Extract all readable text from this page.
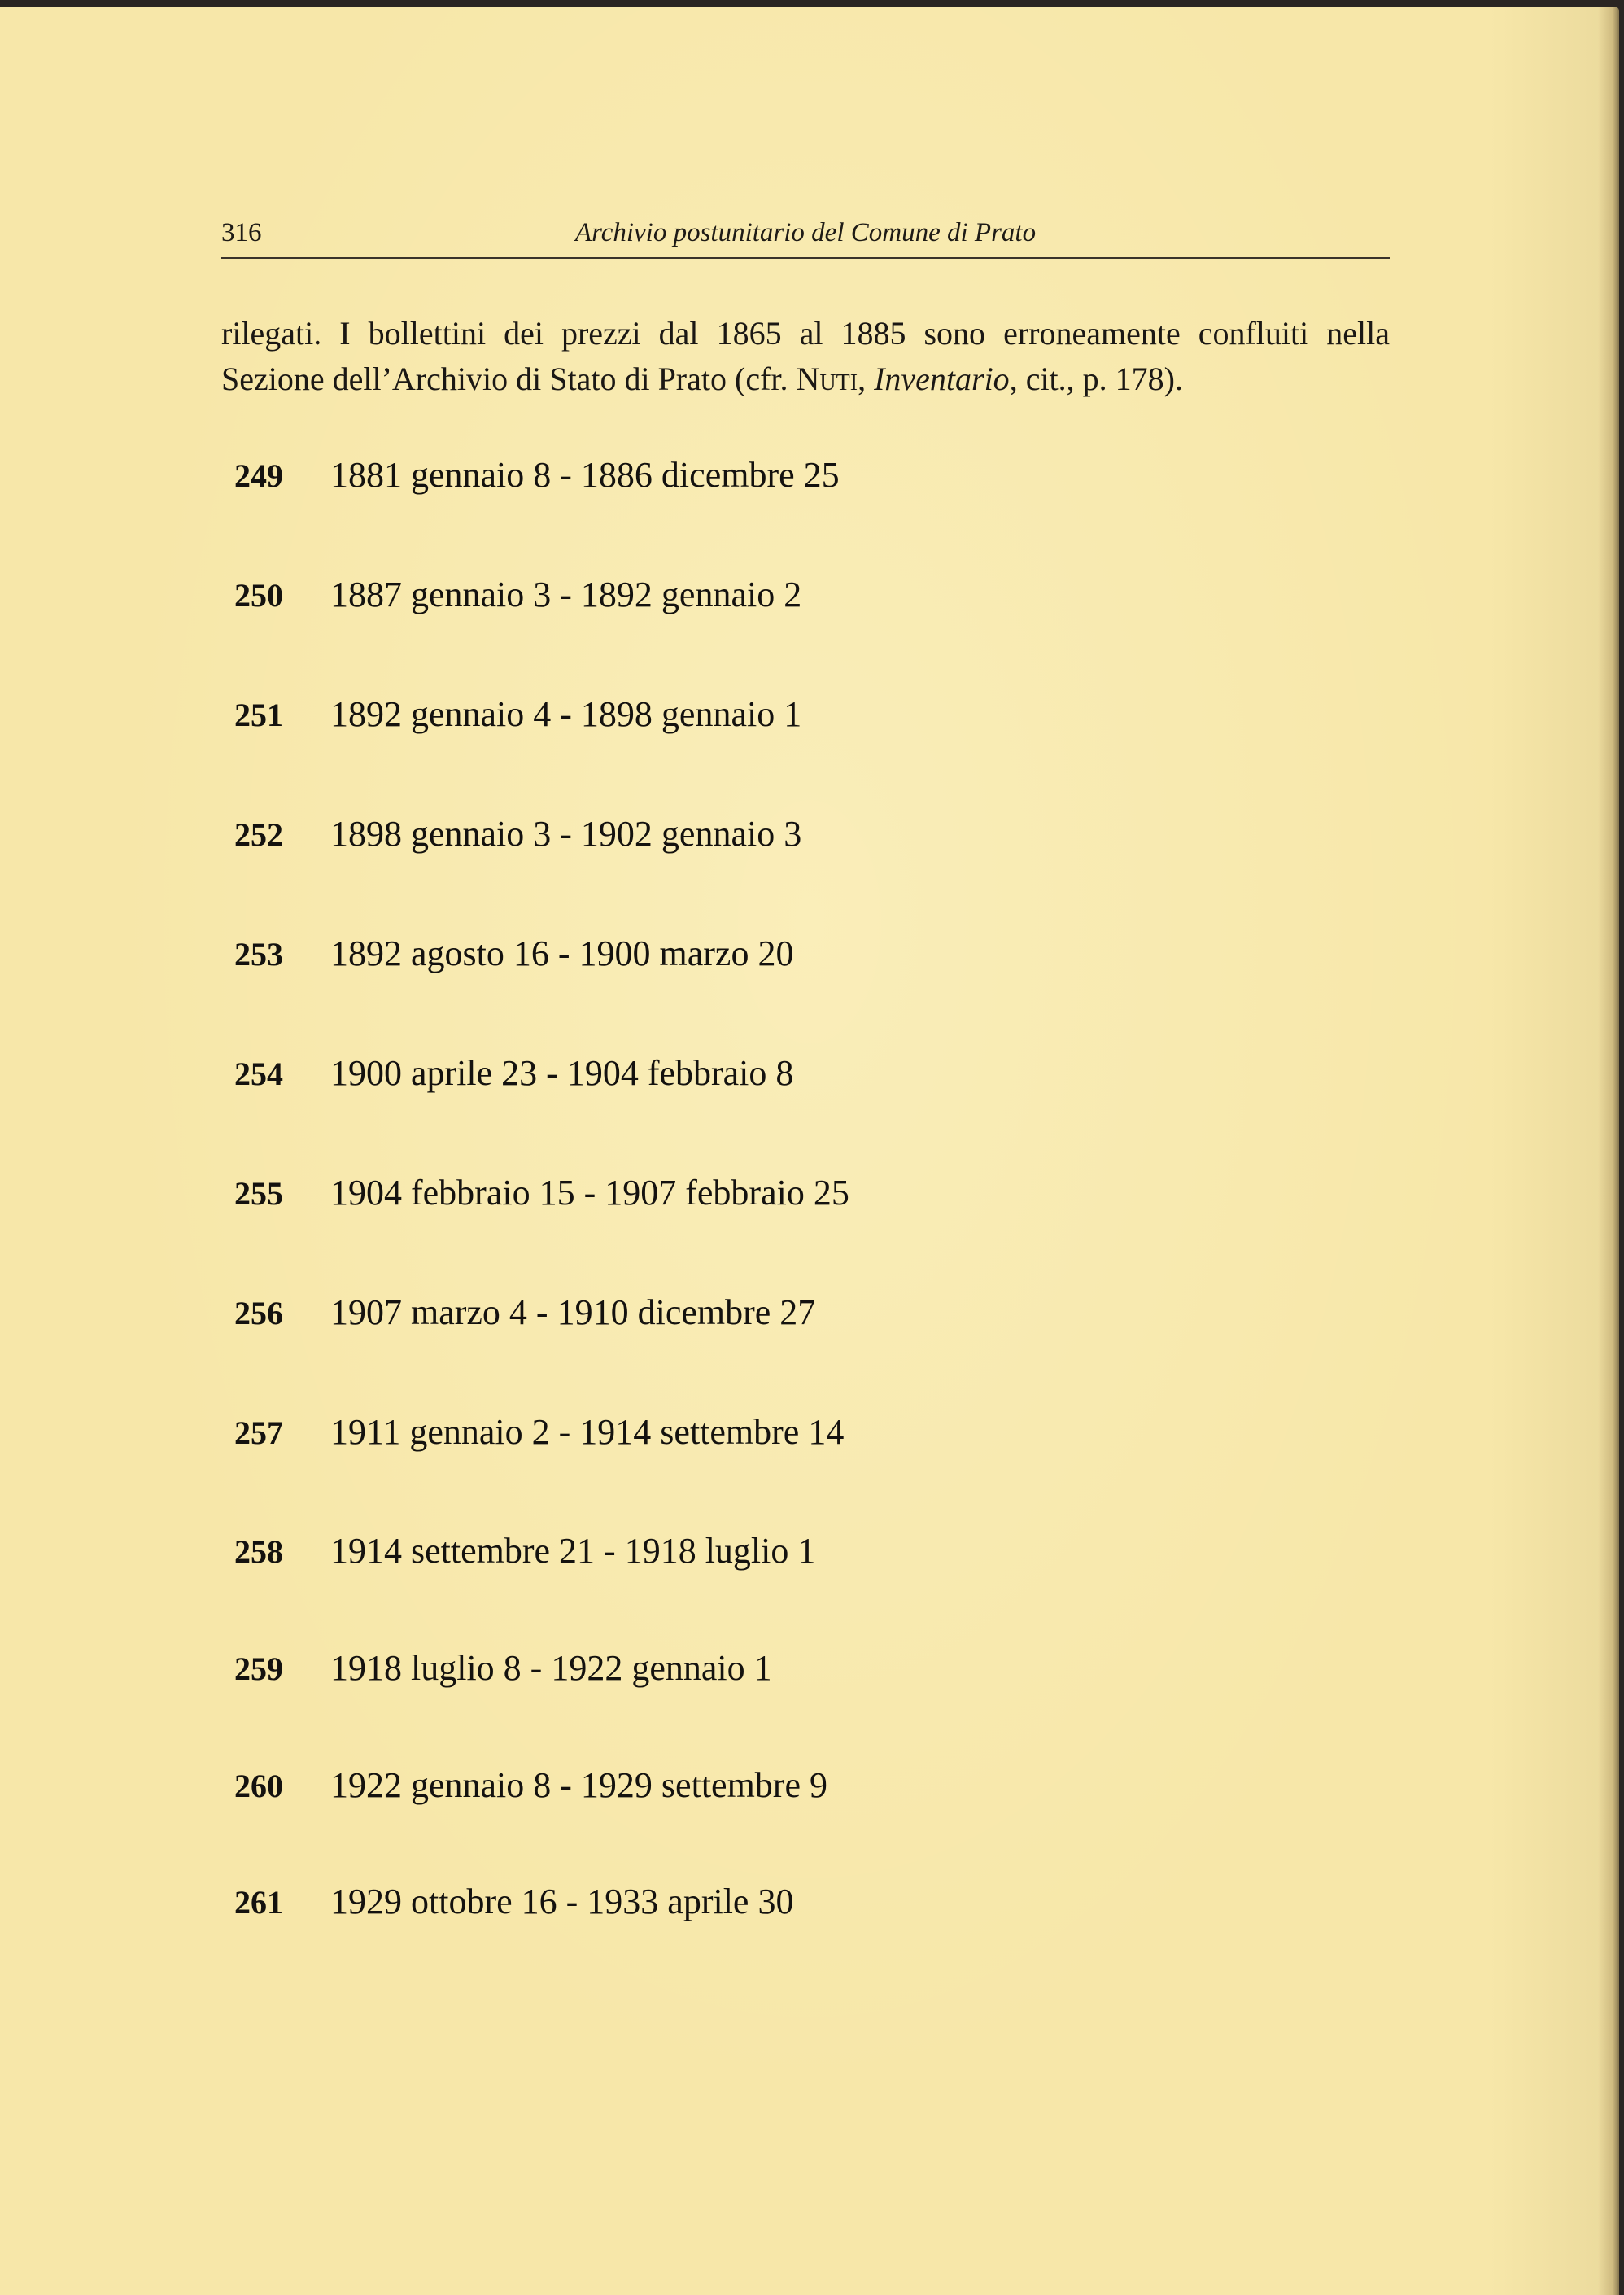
316	Archivio postunitario del Comune di Prato
rilegati. I bollettini dei prezzi dal 1865 al 1885 sono erroneamente confluiti nella
Sezione dell’Archivio di Stato di Prato (cfr. Nuti, Inventario, cit., p. 178).
249 1881 gennaio 8 - 1886 dicembre 25
250 1887 gennaio 3 - 1892 gennaio 2
251 1892 gennaio 4 - 1898 gennaio 1
252 1898 gennaio 3 - 1902 gennaio 3
253 1892 agosto 16 - 1900 marzo 20
254 1900 aprile 23 - 1904 febbraio 8
255 1904 febbraio 15 - 1907 febbraio 25
256 1907 marzo 4 - 1910 dicembre 27
257 1911 gennaio 2 - 1914 settembre 14
258 1914 settembre 21 - 1918 luglio 1
259 1918 luglio 8 - 1922 gennaio 1
260 1922 gennaio 8 - 1929 settembre 9
261 1929 ottobre 16 - 1933 aprile 30
